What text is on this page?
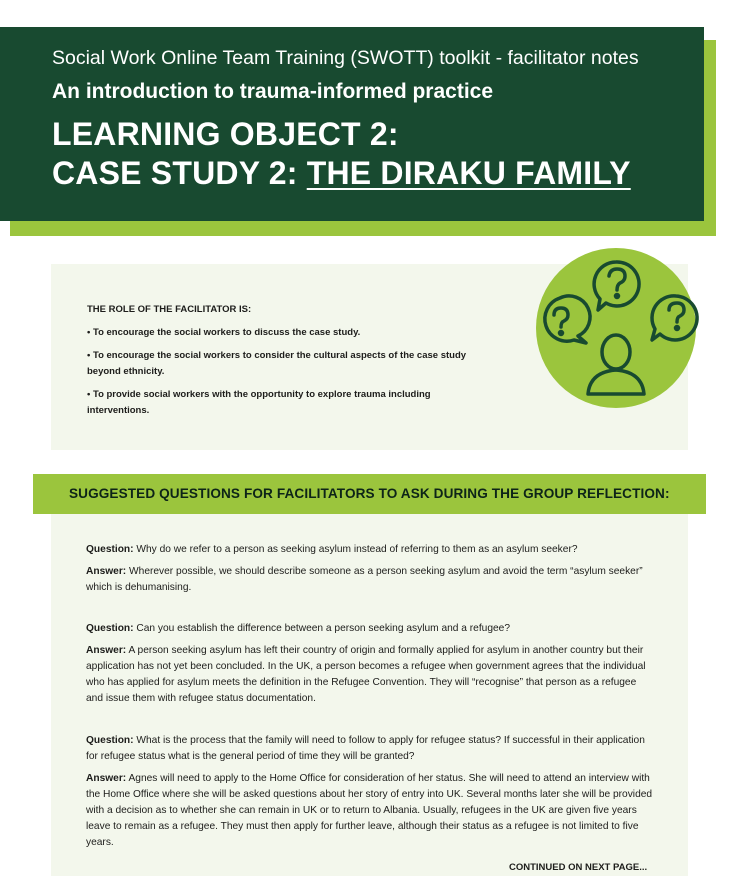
Social Work Online Team Training (SWOTT) toolkit - facilitator notes
An introduction to trauma-informed practice
LEARNING OBJECT 2:
CASE STUDY 2: THE DIRAKU FAMILY
THE ROLE OF THE FACILITATOR IS:
• To encourage the social workers to discuss the case study.
• To encourage the social workers to consider the cultural aspects of the case study beyond ethnicity.
• To provide social workers with the opportunity to explore trauma including interventions.
SUGGESTED QUESTIONS FOR FACILITATORS TO ASK DURING THE GROUP REFLECTION:

Question: Why do we refer to a person as seeking asylum instead of referring to them as an asylum seeker?

Answer: Wherever possible, we should describe someone as a person seeking asylum and avoid the term “asylum seeker” which is dehumanising.

Question: Can you establish the difference between a person seeking asylum and a refugee?

Answer: A person seeking asylum has left their country of origin and formally applied for asylum in another country but their application has not yet been concluded. In the UK, a person becomes a refugee when government agrees that the individual who has applied for asylum meets the definition in the Refugee Convention. They will “recognise” that person as a refugee and issue them with refugee status documentation.

Question: What is the process that the family will need to follow to apply for refugee status? If successful in their application for refugee status what is the general period of time they will be granted?

Answer: Agnes will need to apply to the Home Office for consideration of her status. She will need to attend an interview with the Home Office where she will be asked questions about her story of entry into UK. Several months later she will be provided with a decision as to whether she can remain in UK or to return to Albania. Usually, refugees in the UK are given five years leave to remain as a refugee. They must then apply for further leave, although their status as a refugee is not limited to five years.

CONTINUED ON NEXT PAGE...
